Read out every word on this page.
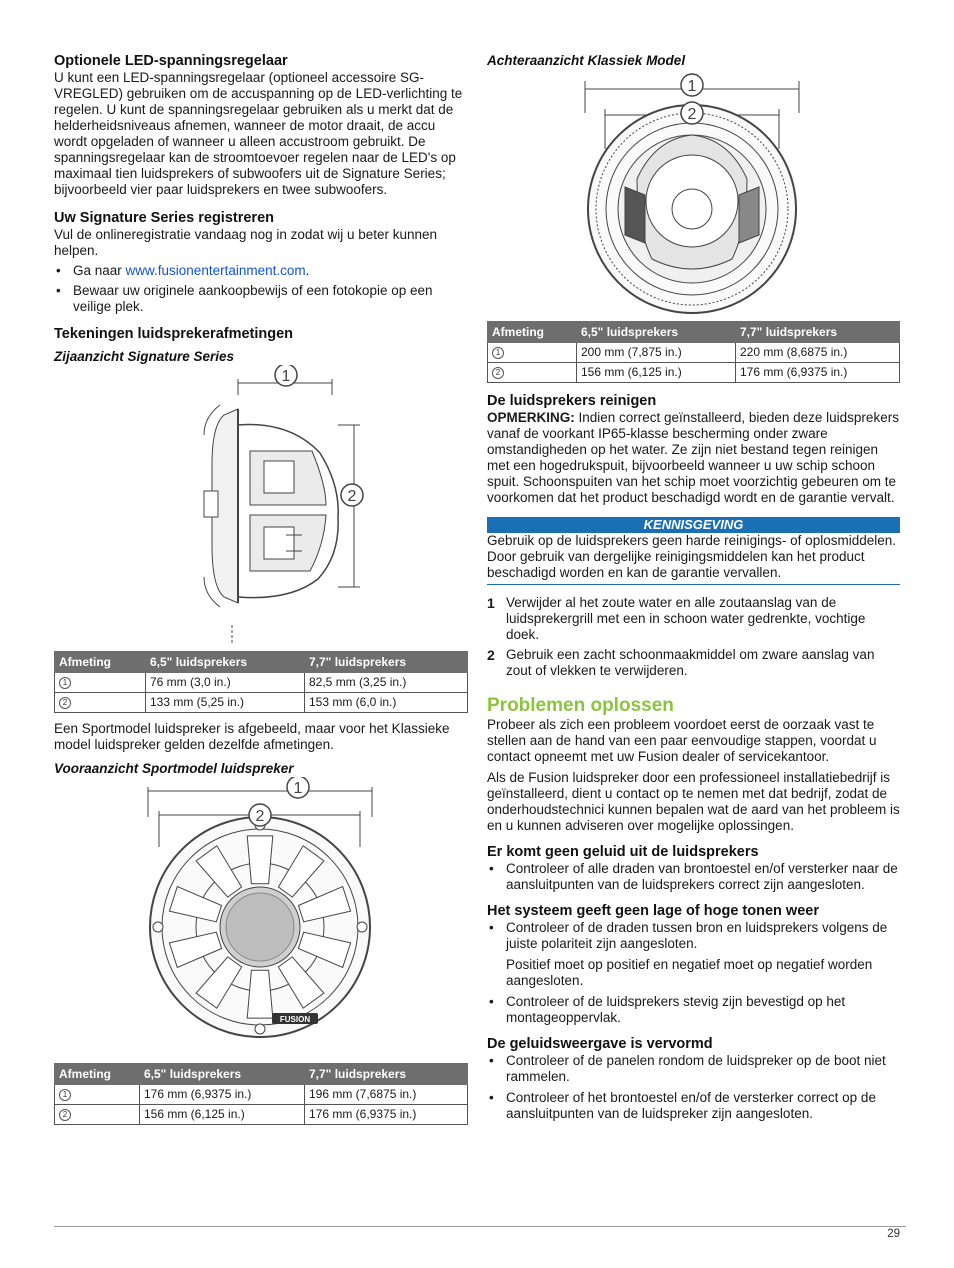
Optionele LED-spanningsregelaar

U kunt een LED-spanningsregelaar (optioneel accessoire SG-VREGLED) gebruiken om de accuspanning op de LED-verlichting te regelen. U kunt de spanningsregelaar gebruiken als u merkt dat de helderheidsniveaus afnemen, wanneer de motor draait, de accu wordt opgeladen of wanneer u alleen accustroom gebruikt. De spanningsregelaar kan de stroomtoevoer regelen naar de LED's op maximaal tien luidsprekers of subwoofers uit de Signature Series; bijvoorbeeld vier paar luidsprekers en twee subwoofers.

Uw Signature Series registreren

Vul de onlineregistratie vandaag nog in zodat wij u beter kunnen helpen.

• Ga naar www.fusionentertainment.com.
• Bewaar uw originele aankoopbewijs of een fotokopie op een veilige plek.
Tekeningen luidsprekerafmetingen
Zijaanzicht Signature Series
1
2
Afmeting	6,5" luidsprekers	7,7" luidsprekers
1	76 mm (3,0 in.)	82,5 mm (3,25 in.)
2	133 mm (5,25 in.)	153 mm (6,0 in.)

Een Sportmodel luidspreker is afgebeeld, maar voor het Klassieke model luidspreker gelden dezelfde afmetingen.

Vooraanzicht Sportmodel luidspreker
FUSION
1
2
Afmeting	6,5" luidsprekers	7,7" luidsprekers
1	176 mm (6,9375 in.)	196 mm (7,6875 in.)
2	156 mm (6,125 in.)	176 mm (6,9375 in.)
Achteraanzicht Klassiek Model
1
2
Afmeting	6,5" luidsprekers	7,7" luidsprekers
1	200 mm (7,875 in.)	220 mm (8,6875 in.)
2	156 mm (6,125 in.)	176 mm (6,9375 in.)
De luidsprekers reinigen

OPMERKING: Indien correct geïnstalleerd, bieden deze luidsprekers vanaf de voorkant IP65-klasse bescherming onder zware omstandigheden op het water. Ze zijn niet bestand tegen reinigen met een hogedrukspuit, bijvoorbeeld wanneer u uw schip schoon spuit. Schoonspuiten van het schip moet voorzichtig gebeuren om te voorkomen dat het product beschadigd wordt en de garantie vervalt.

KENNISGEVING

Gebruik op de luidsprekers geen harde reinigings- of oplosmiddelen. Door gebruik van dergelijke reinigingsmiddelen kan het product beschadigd worden en kan de garantie vervallen.

1 Verwijder al het zoute water en alle zoutaanslag van de luidsprekergrill met een in schoon water gedrenkte, vochtige doek.
2 Gebruik een zacht schoonmaakmiddel om zware aanslag van zout of vlekken te verwijderen.
Problemen oplossen

Probeer als zich een probleem voordoet eerst de oorzaak vast te stellen aan de hand van een paar eenvoudige stappen, voordat u contact opneemt met uw Fusion dealer of servicekantoor.

Als de Fusion luidspreker door een professioneel installatiebedrijf is geïnstalleerd, dient u contact op te nemen met dat bedrijf, zodat de onderhoudstechnici kunnen bepalen wat de aard van het probleem is en u kunnen adviseren over mogelijke oplossingen.

Er komt geen geluid uit de luidsprekers
• Controleer of alle draden van brontoestel en/of versterker naar de aansluitpunten van de luidsprekers correct zijn aangesloten.
Het systeem geeft geen lage of hoge tonen weer
• Controleer of de draden tussen bron en luidsprekers volgens de juiste polariteit zijn aangesloten.
Positief moet op positief en negatief moet op negatief worden aangesloten.
• Controleer of de luidsprekers stevig zijn bevestigd op het montageoppervlak.
De geluidsweergave is vervormd
• Controleer of de panelen rondom de luidspreker op de boot niet rammelen.
• Controleer of het brontoestel en/of de versterker correct op de aansluitpunten van de luidspreker zijn aangesloten.
29
